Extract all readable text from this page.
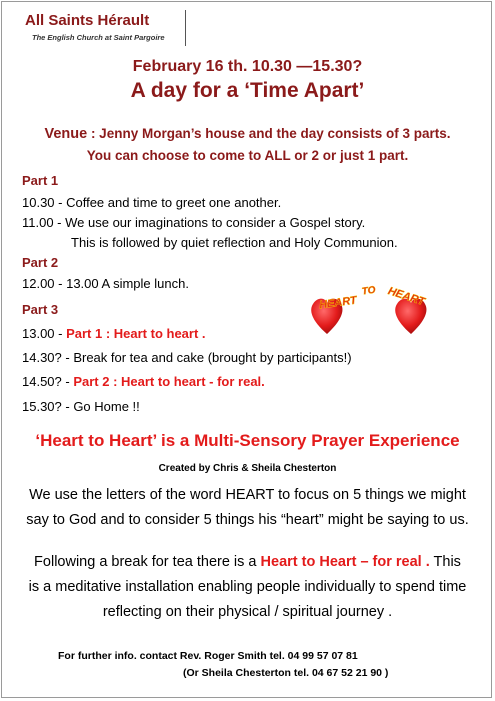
All Saints Hérault
The English Church at Saint Pargoire
February 16 th. 10.30 —15.30?
A day for a ‘Time Apart’
Venue : Jenny Morgan’s house and the day consists of 3 parts.
You can choose to come to ALL or 2 or just 1 part.
Part 1
10.30 - Coffee and time to greet one another.
11.00 - We use our imaginations to consider a Gospel story.
This is followed by quiet reflection and Holy Communion.
Part 2
12.00 - 13.00 A simple lunch.
Part 3
13.00 - Part 1 : Heart to heart .
14.30? - Break for tea and cake (brought by participants!)
14.50? - Part 2 : Heart to heart - for real.
15.30? - Go Home !!
HEART
TO HEART
‘Heart to Heart’ is a Multi-Sensory Prayer Experience
Created by Chris & Sheila Chesterton
We use the letters of the word HEART to focus on 5 things we might
say to God and to consider 5 things his “heart” might be saying to us.
Following a break for tea there is a Heart to Heart – for real . This
is a meditative installation enabling people individually to spend time
reflecting on their physical / spiritual journey .
For further info. contact Rev. Roger Smith tel. 04 99 57 07 81
(Or Sheila Chesterton tel. 04 67 52 21 90 )
